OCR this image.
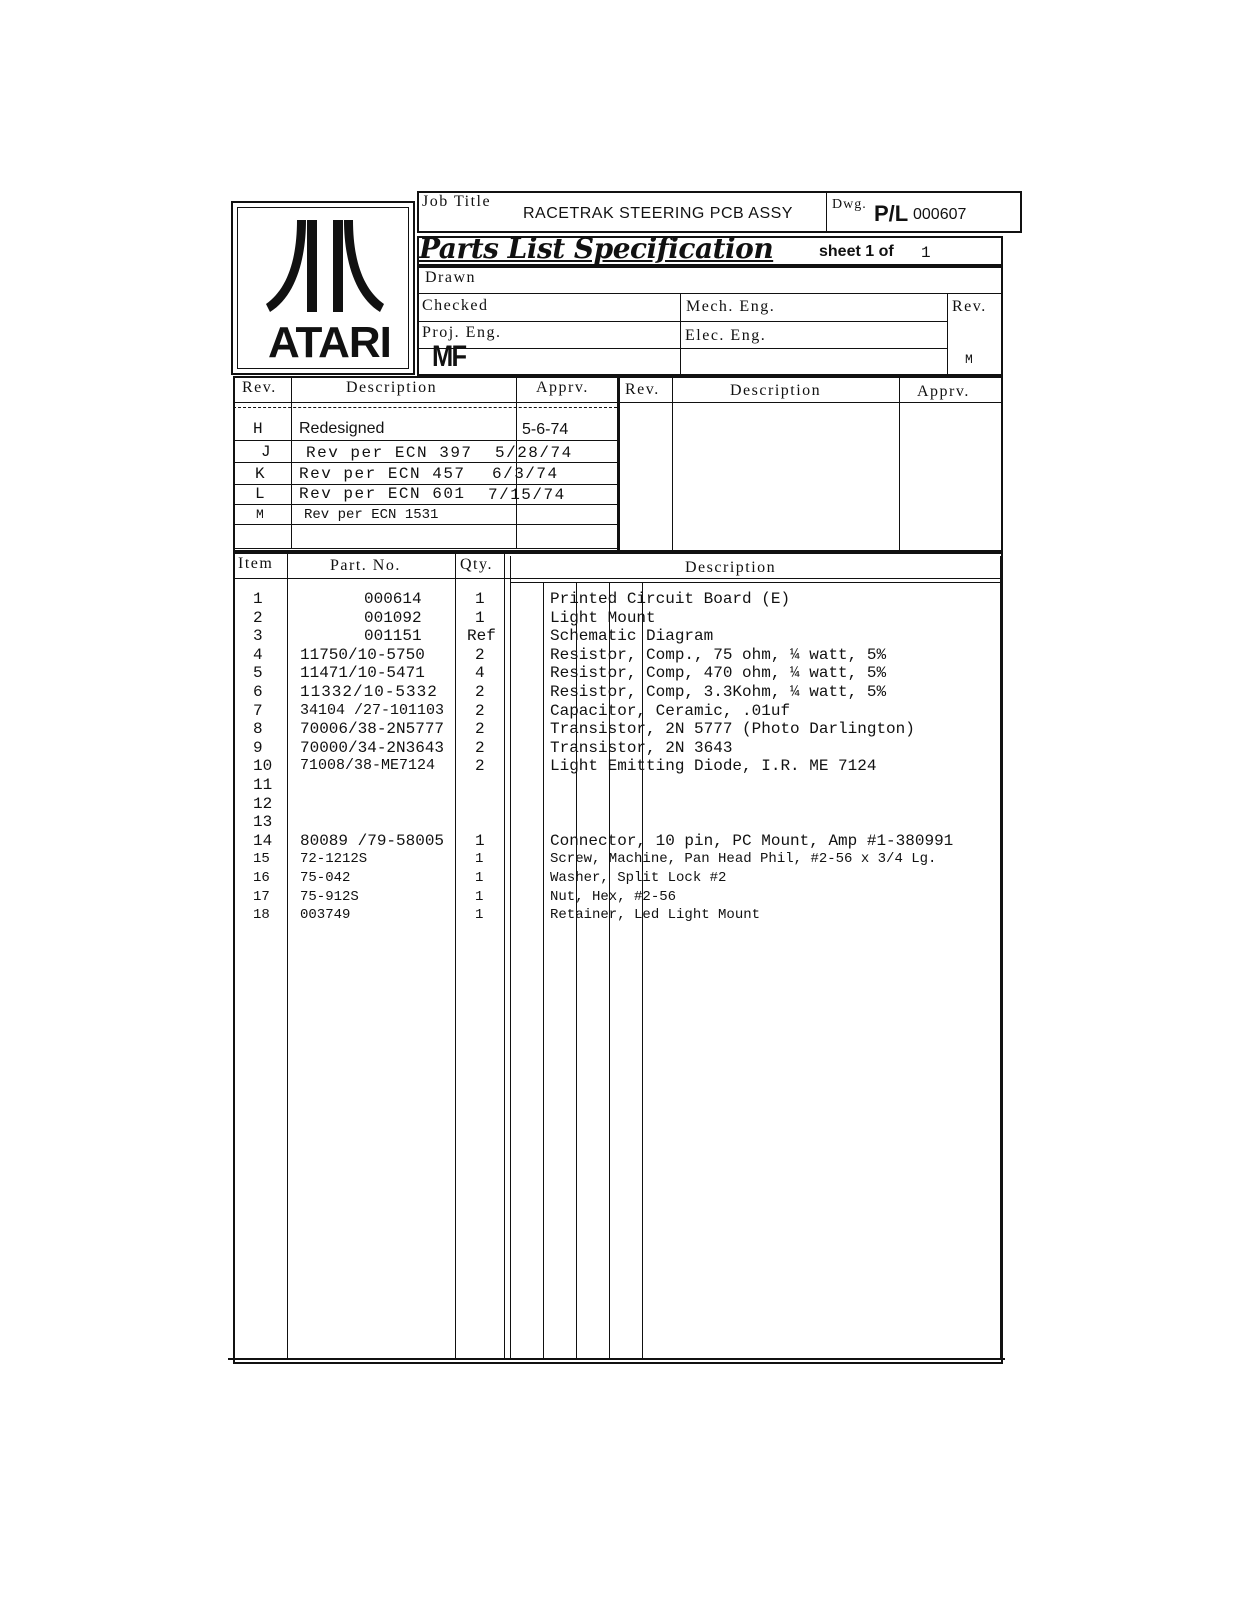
Job Title
RACETRAK STEERING PCB ASSY
Dwg. P/L 000607
ATARI
Parts List Specification	sheet 1 of 1
Drawn
Checked
Proj. Eng.
MF
Mech. Eng.
Elec. Eng.
Rev.
M
Rev.	Description	Apprv. Rev.	Description	Apprv.
H Redesigned	5-6-74
J Rev per ECN 397 5/28/74
K Rev per ECN 457 6/3/74
L Rev per ECN 601 7/15/74
M	Rev per ECN 1531
Item	Part. No.	Qty.	Description
1	000614	1	Printed Circuit Board (E)
2	001092	1	Light Mount
3	001151	Ref	Schematic Diagram
4 11750/10-5750	2	Resistor, Comp., 75 ohm, ¼ watt, 5%
5 11471/10-5471	4	Resistor, Comp, 470 ohm, ¼ watt, 5%
6 11332/10-5332 2	Resistor, Comp, 3.3Kohm, ¼ watt, 5%
7 34104 /27-101103 2	Capacitor, Ceramic, .01uf
8 70006/38-2N5777 2	Transistor, 2N 5777 (Photo Darlington)
9 70000/34-2N3643 2	Transistor, 2N 3643
10 71008/38-ME7124 2	Light Emitting Diode, I.R. ME 7124
11
12
13
14 80089 /79-58005 1	Connector, 10 pin, PC Mount, Amp #1-380991
15 72-1212S	1	Screw, Machine, Pan Head Phil, #2-56 x 3/4 Lg.
16 75-042	1	Washer, Split Lock #2
17 75-912S	1	Nut, Hex, #2-56
18 003749	1	Retainer, Led Light Mount
